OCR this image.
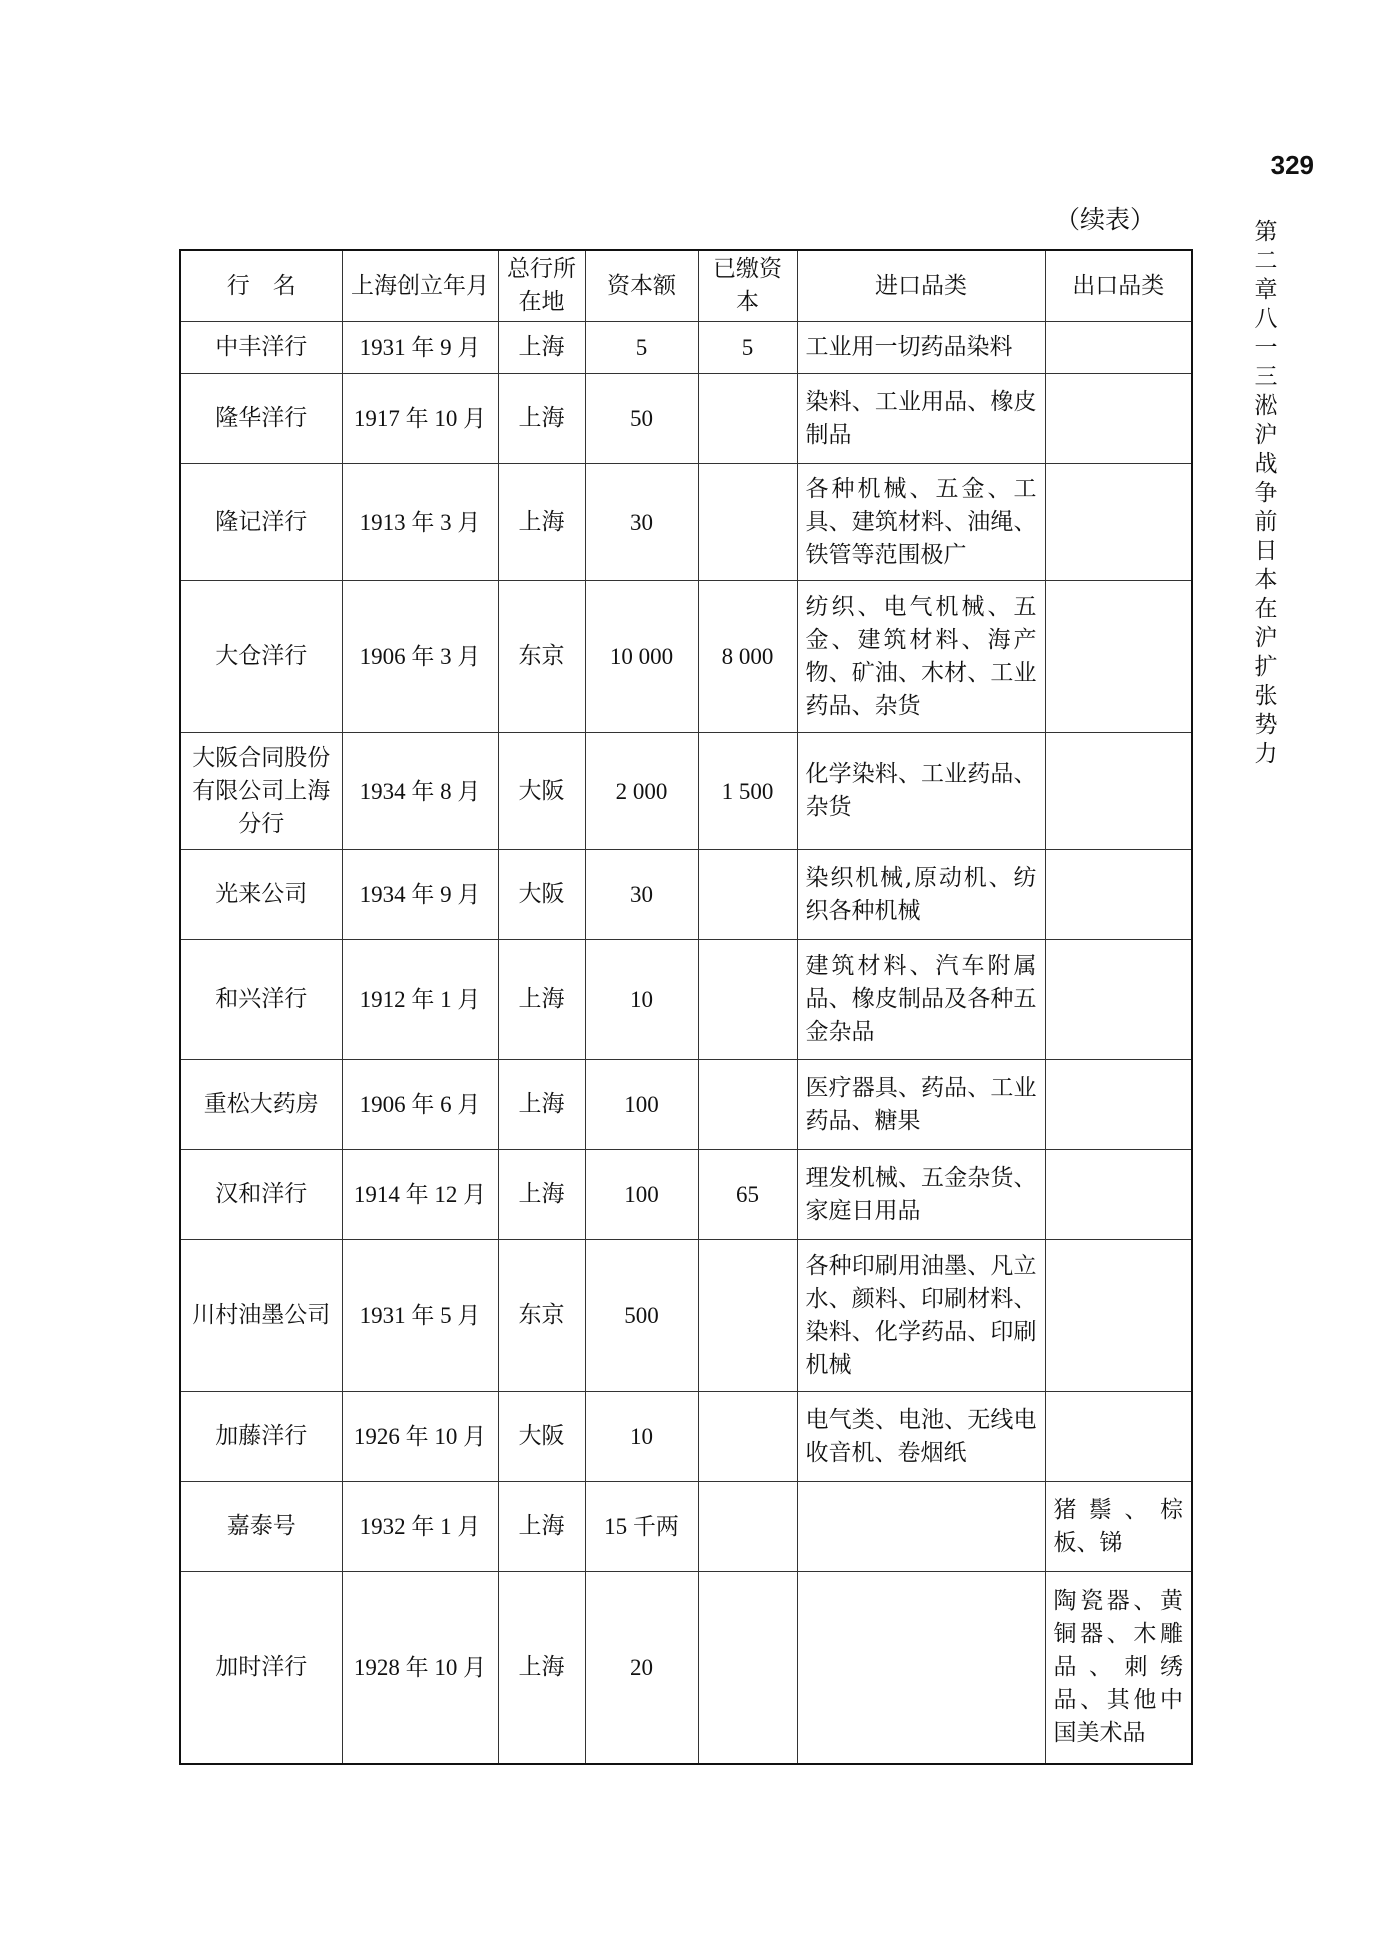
329
（续表）	第二章 八一三淞沪战争前日本在沪扩张势力
行　名	上海创立年月	总行所在地	资本额	已缴资本	进口品类	出口品类
中丰洋行	1931 年 9 月	上海	5	5	工业用一切药品染料	
隆华洋行	1917 年 10 月	上海	50		染料、工业用品、橡皮制品	
隆记洋行	1913 年 3 月	上海	30		各种机械、五金、工具、建筑材料、油绳、铁管等范围极广	
大仓洋行	1906 年 3 月	东京	10 000	8 000	纺织、电气机械、五金、建筑材料、海产物、矿油、木材、工业药品、杂货	
大阪合同股份有限公司上海分行	1934 年 8 月	大阪	2 000	1 500	化学染料、工业药品、杂货	
光来公司	1934 年 9 月	大阪	30		染织机械,原动机、纺织各种机械	
和兴洋行	1912 年 1 月	上海	10		建筑材料、汽车附属品、橡皮制品及各种五金杂品	
重松大药房	1906 年 6 月	上海	100		医疗器具、药品、工业药品、糖果	
汉和洋行	1914 年 12 月	上海	100	65	理发机械、五金杂货、家庭日用品	
川村油墨公司	1931 年 5 月	东京	500		各种印刷用油墨、凡立水、颜料、印刷材料、染料、化学药品、印刷机械	
加藤洋行	1926 年 10 月	大阪	10		电气类、电池、无线电收音机、卷烟纸	
嘉泰号	1932 年 1 月	上海	15 千两			猪鬃、棕板、锑
加时洋行	1928 年 10 月	上海	20			陶瓷器、黄铜器、木雕品、刺绣品、其他中国美术品
